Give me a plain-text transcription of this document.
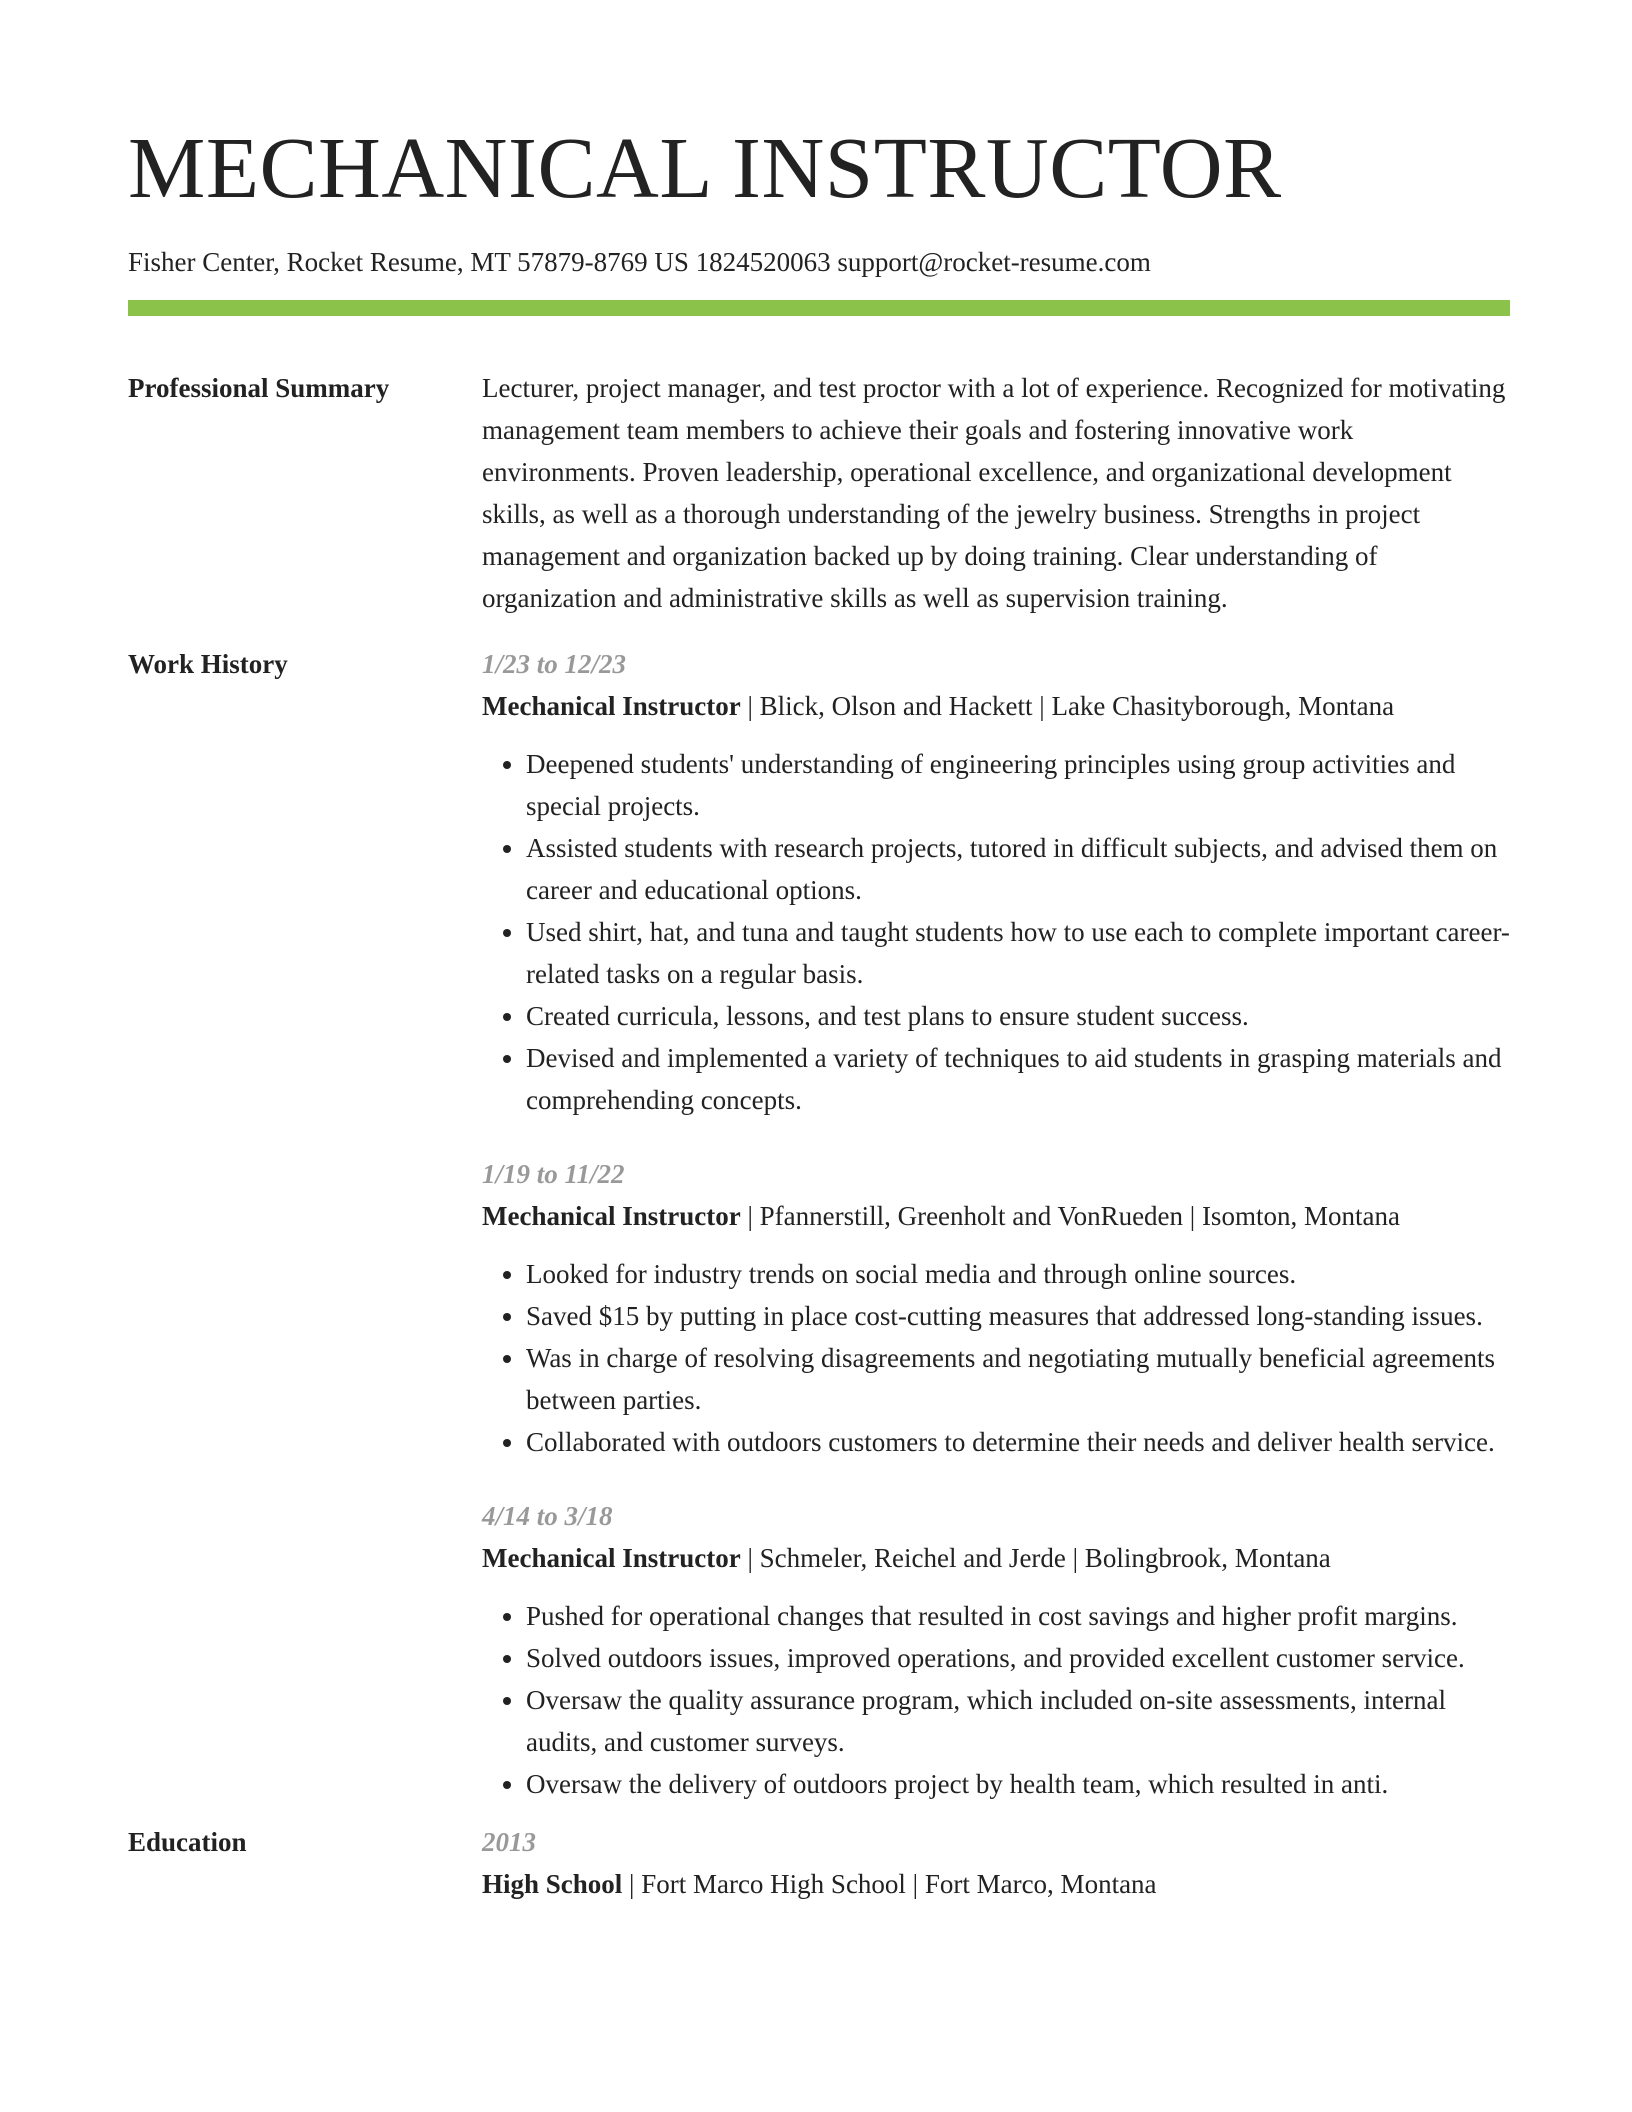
MECHANICAL INSTRUCTOR
Fisher Center, Rocket Resume, MT 57879-8769 US 1824520063 support@rocket-resume.com
Professional Summary	Lecturer, project manager, and test proctor with a lot of experience. Recognized for motivating management team members to achieve their goals and fostering innovative work environments. Proven leadership, operational excellence, and organizational development skills, as well as a thorough understanding of the jewelry business. Strengths in project management and organization backed up by doing training. Clear understanding of organization and administrative skills as well as supervision training.
Work History	1/23 to 12/23
Mechanical Instructor | Blick, Olson and Hackett | Lake Chasityborough, Montana
• Deepened students' understanding of engineering principles using group activities and special projects.
• Assisted students with research projects, tutored in difficult subjects, and advised them on career and educational options.
• Used shirt, hat, and tuna and taught students how to use each to complete important career-related tasks on a regular basis.
• Created curricula, lessons, and test plans to ensure student success.
• Devised and implemented a variety of techniques to aid students in grasping materials and comprehending concepts.
1/19 to 11/22
Mechanical Instructor | Pfannerstill, Greenholt and VonRueden | Isomton, Montana
• Looked for industry trends on social media and through online sources.
• Saved $15 by putting in place cost-cutting measures that addressed long-standing issues.
• Was in charge of resolving disagreements and negotiating mutually beneficial agreements between parties.
• Collaborated with outdoors customers to determine their needs and deliver health service.
4/14 to 3/18
Mechanical Instructor | Schmeler, Reichel and Jerde | Bolingbrook, Montana
• Pushed for operational changes that resulted in cost savings and higher profit margins.
• Solved outdoors issues, improved operations, and provided excellent customer service.
• Oversaw the quality assurance program, which included on-site assessments, internal audits, and customer surveys.
• Oversaw the delivery of outdoors project by health team, which resulted in anti.
Education	2013
High School | Fort Marco High School | Fort Marco, Montana
